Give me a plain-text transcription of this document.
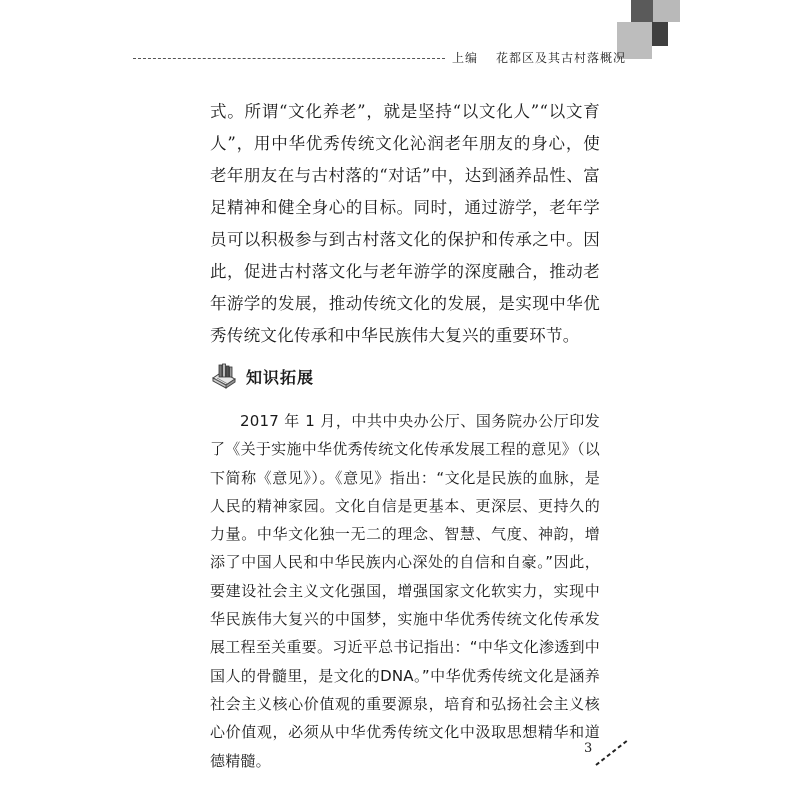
上编 花都区及其古村落概况

式。所谓“文化养老”，就是坚持“以文化人”“以文育人”，用中华优秀传统文化沁润老年朋友的身心，使老年朋友在与古村落的“对话”中，达到涵养品性、富足精神和健全身心的目标。同时，通过游学，老年学员可以积极参与到古村落文化的保护和传承之中。因此，促进古村落文化与老年游学的深度融合，推动老年游学的发展，推动传统文化的发展，是实现中华优秀传统文化传承和中华民族伟大复兴的重要环节。

知识拓展

2017 年 1 月，中共中央办公厅、国务院办公厅印发了《关于实施中华优秀传统文化传承发展工程的意见》（以下简称《意见》）。《意见》指出：“文化是民族的血脉，是人民的精神家园。文化自信是更基本、更深层、更持久的力量。中华文化独一无二的理念、智慧、气度、神韵，增添了中国人民和中华民族内心深处的自信和自豪。”因此，要建设社会主义文化强国，增强国家文化软实力，实现中华民族伟大复兴的中国梦，实施中华优秀传统文化传承发展工程至关重要。习近平总书记指出：“中华文化渗透到中国人的骨髓里，是文化的DNA。”中华优秀传统文化是涵养社会主义核心价值观的重要源泉，培育和弘扬社会主义核心价值观，必须从中华优秀传统文化中汲取思想精华和道德精髓。

3
